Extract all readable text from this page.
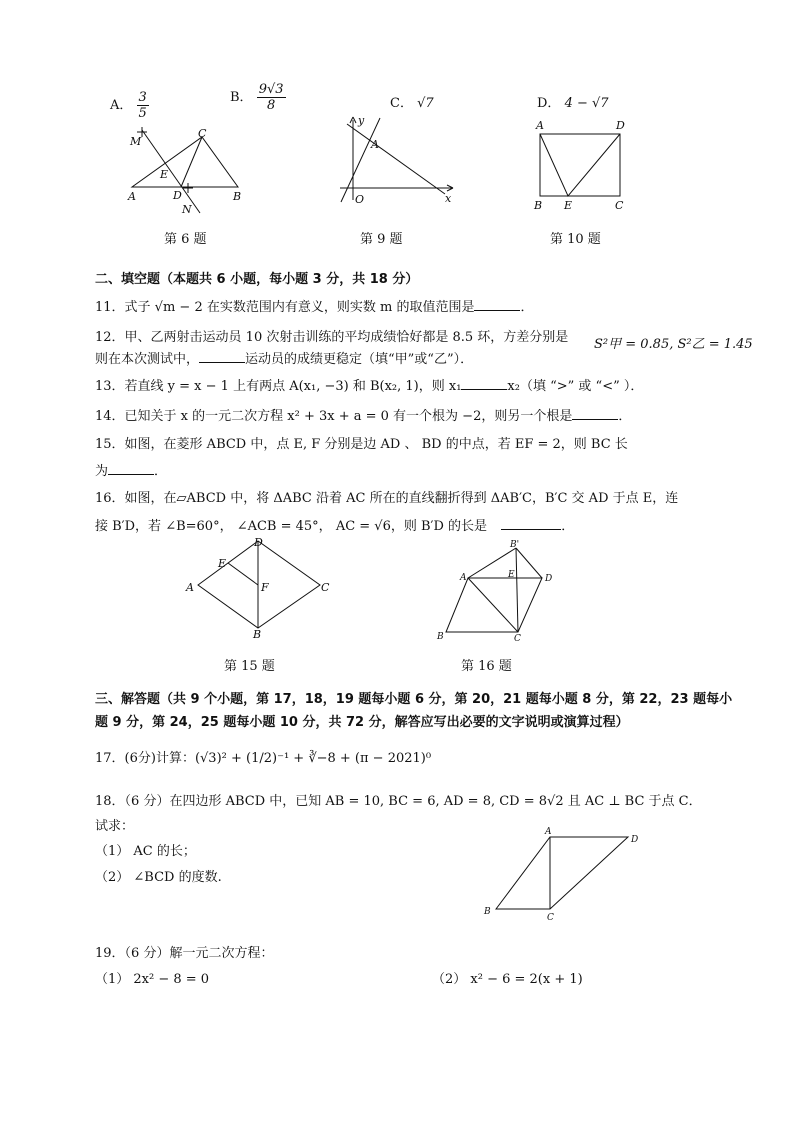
A． $\frac{3}{5}$	B． $\frac{9√3}{8}$	C． √7	D． 4 − √7
M
C
E
A	D	B
N
第 6 题
y
A
O	x
第 9 题
A	D
B E	C
第 10 题
二、填空题（本题共 6 小题，每小题 3 分，共 18 分）
11．式子 √m − 2 在实数范围内有意义，则实数 m 的取值范围是	．
12．甲、乙两射击运动员 10 次射击训练的平均成绩恰好都是 8.5 环，方差分别是 S²甲 = 0.85, S²乙 = 1.45
则在本次测试中，	运动员的成绩更稳定（填“甲”或“乙”）．
13．若直线 y = x − 1 上有两点 A(x₁, −3) 和 B(x₂, 1)，则 x₁	x₂（填 “>” 或 “<” ）．
14．已知关于 x 的一元二次方程 x² + 3x + a = 0 有一个根为 −2，则另一个根是	．
15．如图，在菱形 ABCD 中，点 E, F 分别是边 AD 、 BD 的中点，若 EF = 2，则 BC 长
为	．
16．如图，在▱ABCD 中，将 ΔABC 沿着 AC 所在的直线翻折得到 ΔAB′C，B′C 交 AD 于点 E，连
接 B′D，若 ∠B=60°， ∠ACB = 45°， AC = √6，则 B′D 的长是	．
D
E
A	F	C
B
第 15 题
B'
A	E	D
B	C
第 16 题
三、解答题（共 9 个小题，第 17，18，19 题每小题 6 分，第 20，21 题每小题 8 分，第 22，23 题每小
题 9 分，第 24，25 题每小题 10 分，共 72 分，解答应写出必要的文字说明或演算过程）
17．(6分)计算：(√3)² + (1/2)⁻¹ + ∛−8 + (π − 2021)⁰
18．（6 分）在四边形 ABCD 中，已知 AB = 10, BC = 6, AD = 8, CD = 8√2 且 AC ⊥ BC 于点 C．
试求：
（1） AC 的长；
（2） ∠BCD 的度数.
A
D
B
C
19．（6 分）解一元二次方程：
（1） 2x² − 8 = 0	（2） x² − 6 = 2(x + 1)
